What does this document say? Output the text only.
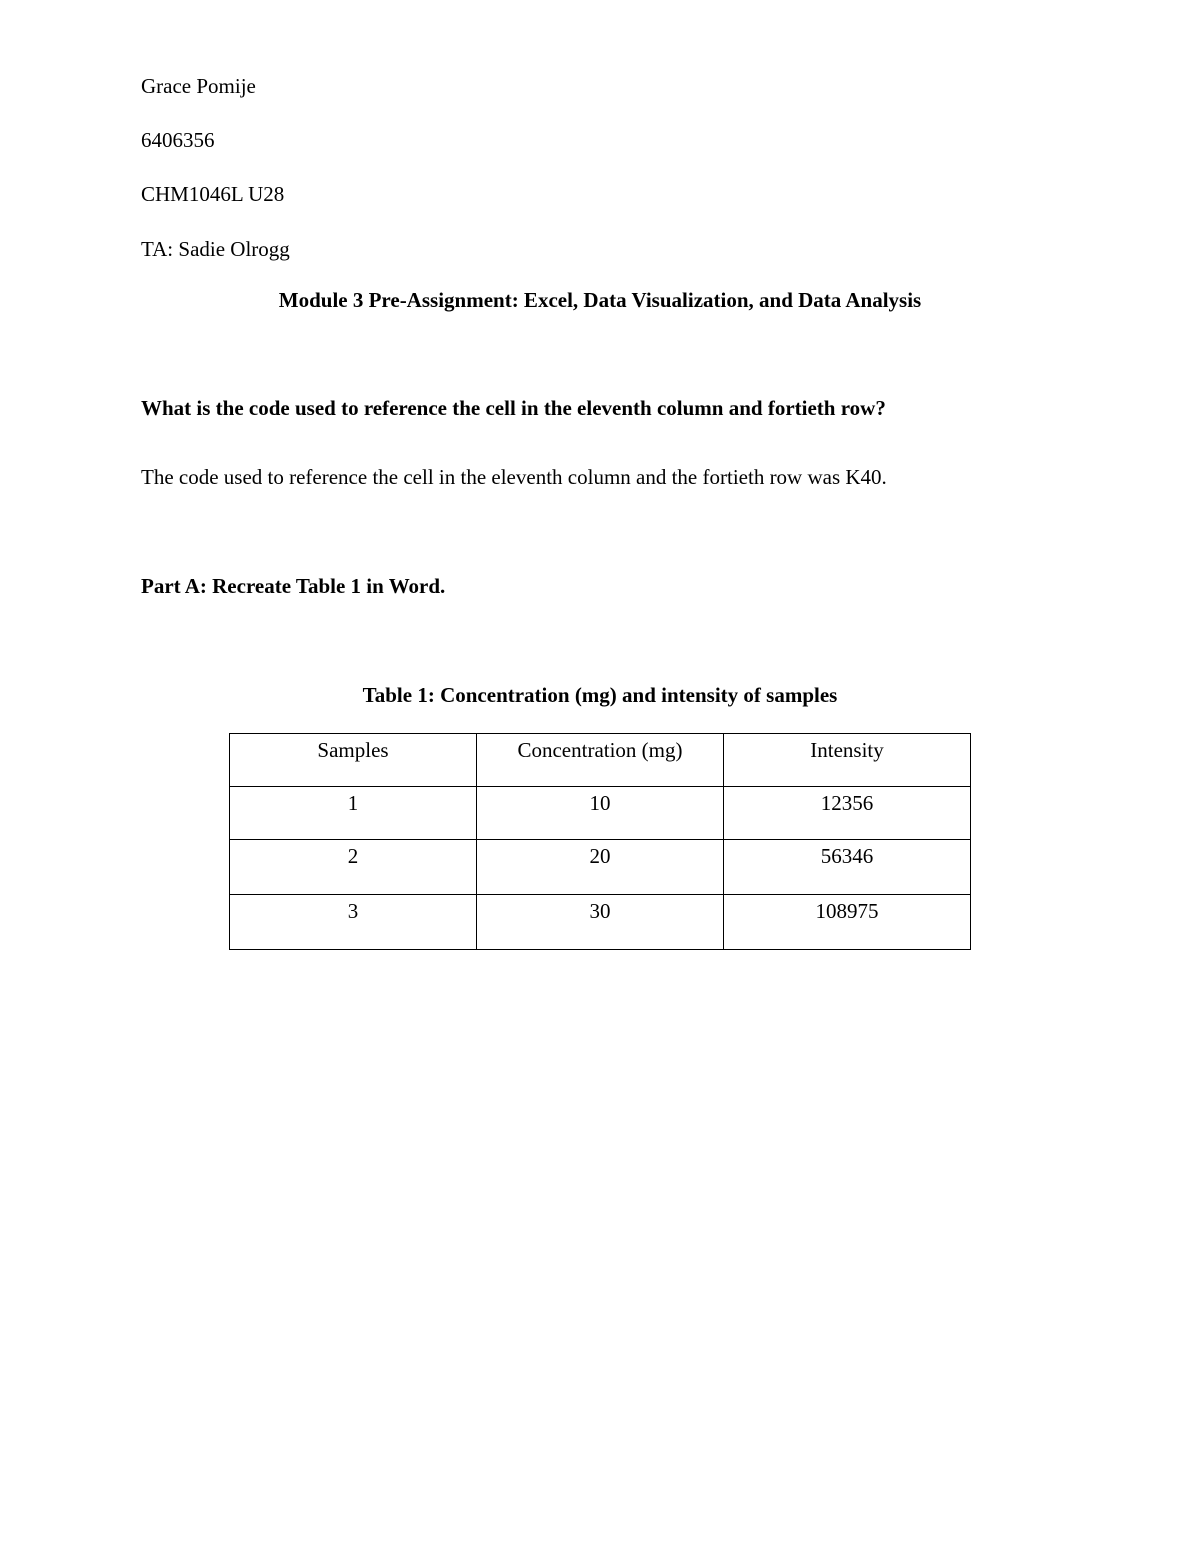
Grace Pomije
6406356
CHM1046L U28
TA: Sadie Olrogg
Module 3 Pre-Assignment: Excel, Data Visualization, and Data Analysis
What is the code used to reference the cell in the eleventh column and fortieth row?
The code used to reference the cell in the eleventh column and the fortieth row was K40.
Part A: Recreate Table 1 in Word.
Table 1: Concentration (mg) and intensity of samples
Samples	Concentration (mg)	Intensity
1	10	12356
2	20	56346
3	30	108975
